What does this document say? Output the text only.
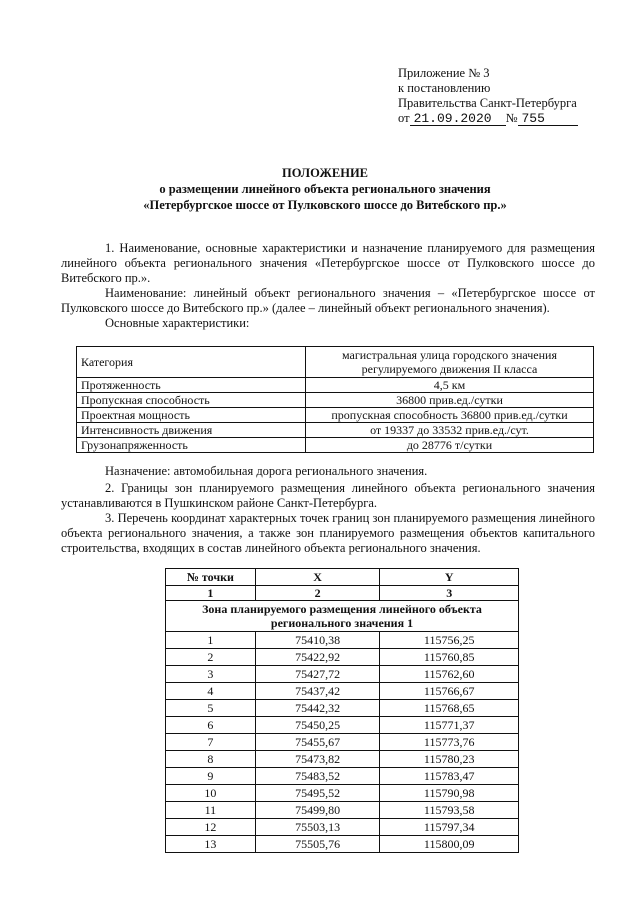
Приложение № 3
к постановлению
Правительства Санкт-Петербурга
от 21.09.2020 № 755
ПОЛОЖЕНИЕ
о размещении линейного объекта регионального значения
«Петербургское шоссе от Пулковского шоссе до Витебского пр.»
1. Наименование, основные характеристики и назначение планируемого для размещения линейного объекта регионального значения «Петербургское шоссе от Пулковского шоссе до Витебского пр.».
Наименование: линейный объект регионального значения – «Петербургское шоссе от Пулковского шоссе до Витебского пр.» (далее – линейный объект регионального значения).
Основные характеристики:
Категория	магистральная улица городского значения регулируемого движения II класса
Протяженность	4,5 км
Пропускная способность	36800 прив.ед./сутки
Проектная мощность	пропускная способность 36800 прив.ед./сутки
Интенсивность движения	от 19337 до 33532 прив.ед./сут.
Грузонапряженность	до 28776 т/сутки
Назначение: автомобильная дорога регионального значения.
2. Границы зон планируемого размещения линейного объекта регионального значения устанавливаются в Пушкинском районе Санкт-Петербурга.
3. Перечень координат характерных точек границ зон планируемого размещения линейного объекта регионального значения, а также зон планируемого размещения объектов капитального строительства, входящих в состав линейного объекта регионального значения.
№ точки	X	Y
1	2	3
Зона планируемого размещения линейного объекта регионального значения 1		
1	75410,38	115756,25
2	75422,92	115760,85
3	75427,72	115762,60
4	75437,42	115766,67
5	75442,32	115768,65
6	75450,25	115771,37
7	75455,67	115773,76
8	75473,82	115780,23
9	75483,52	115783,47
10	75495,52	115790,98
11	75499,80	115793,58
12	75503,13	115797,34
13	75505,76	115800,09
